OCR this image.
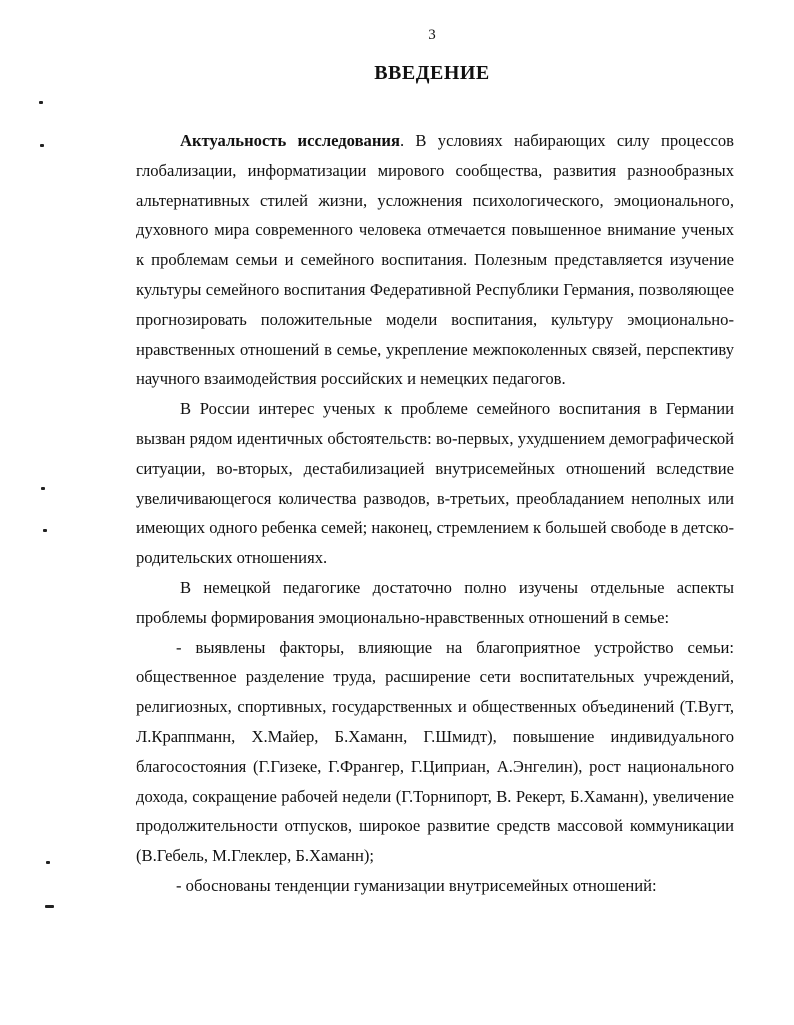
3
ВВЕДЕНИЕ

Актуальность исследования. В условиях набирающих силу процессов глобализации, информатизации мирового сообщества, развития разнообразных альтернативных стилей жизни, усложнения психологического, эмоционального, духовного мира современного человека отмечается повышенное внимание ученых к проблемам семьи и семейного воспитания. Полезным представляется изучение культуры семейного воспитания Федеративной Республики Германия, позволяющее прогнозировать положительные модели воспитания, культуру эмоционально-нравственных отношений в семье, укрепление межпоколенных связей, перспективу научного взаимодействия российских и немецких педагогов.

В России интерес ученых к проблеме семейного воспитания в Германии вызван рядом идентичных обстоятельств: во-первых, ухудшением демографической ситуации, во-вторых, дестабилизацией внутрисемейных отношений вследствие увеличивающегося количества разводов, в-третьих, преобладанием неполных или имеющих одного ребенка семей; наконец, стремлением к большей свободе в детско-родительских отношениях.

В немецкой педагогике достаточно полно изучены отдельные аспекты проблемы формирования эмоционально-нравственных отношений в семье:

- выявлены факторы, влияющие на благоприятное устройство семьи: общественное разделение труда, расширение сети воспитательных учреждений, религиозных, спортивных, государственных и общественных объединений (Т.Вугт, Л.Краппманн, Х.Майер, Б.Хаманн, Г.Шмидт), повышение индивидуального благосостояния (Г.Гизеке, Г.Франгер, Г.Циприан, А.Энгелин), рост национального дохода, сокращение рабочей недели (Г.Торнипорт, В. Рекерт, Б.Хаманн), увеличение продолжительности отпусков, широкое развитие средств массовой коммуникации (В.Гебель, М.Глеклер, Б.Хаманн);

- обоснованы тенденции гуманизации внутрисемейных отношений:
